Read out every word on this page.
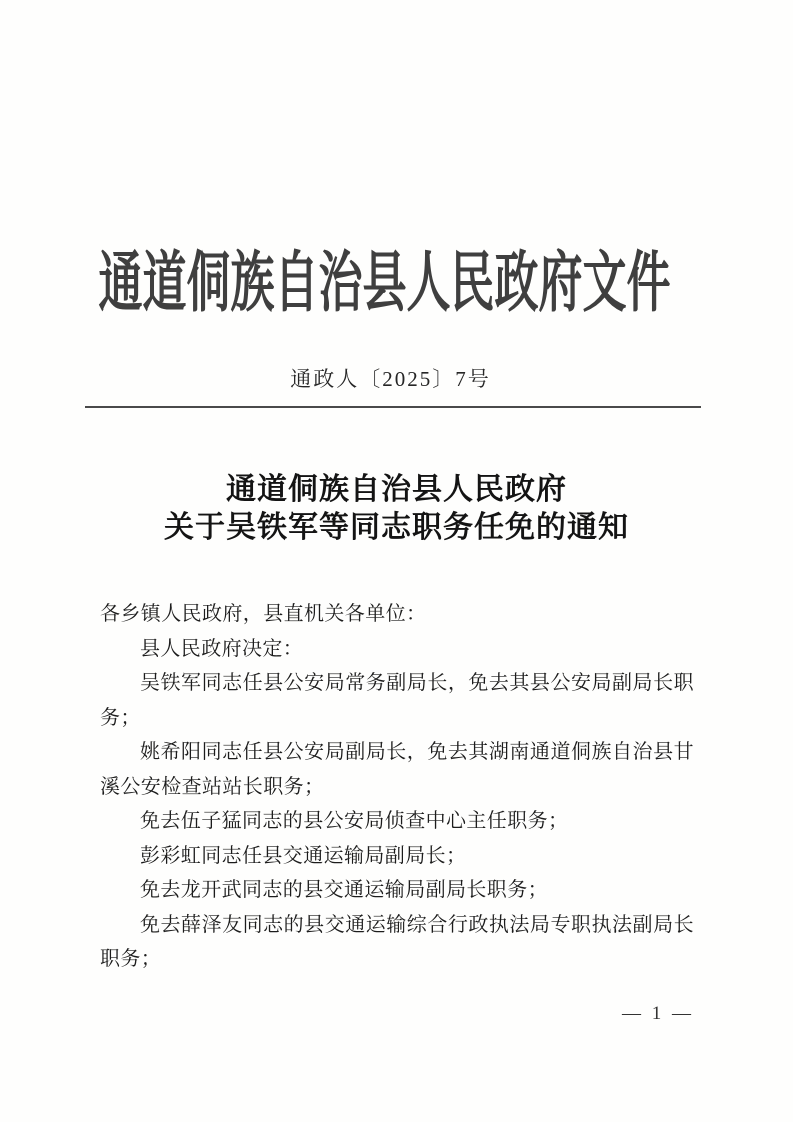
通道侗族自治县人民政府文件
通政人〔2025〕7号
通道侗族自治县人民政府
关于吴铁军等同志职务任免的通知

各乡镇人民政府，县直机关各单位：

县人民政府决定：

吴铁军同志任县公安局常务副局长，免去其县公安局副局长职务；

姚希阳同志任县公安局副局长，免去其湖南通道侗族自治县甘溪公安检查站站长职务；

免去伍子猛同志的县公安局侦查中心主任职务；

彭彩虹同志任县交通运输局副局长；

免去龙开武同志的县交通运输局副局长职务；

免去薛泽友同志的县交通运输综合行政执法局专职执法副局长职务；

— 1 —
